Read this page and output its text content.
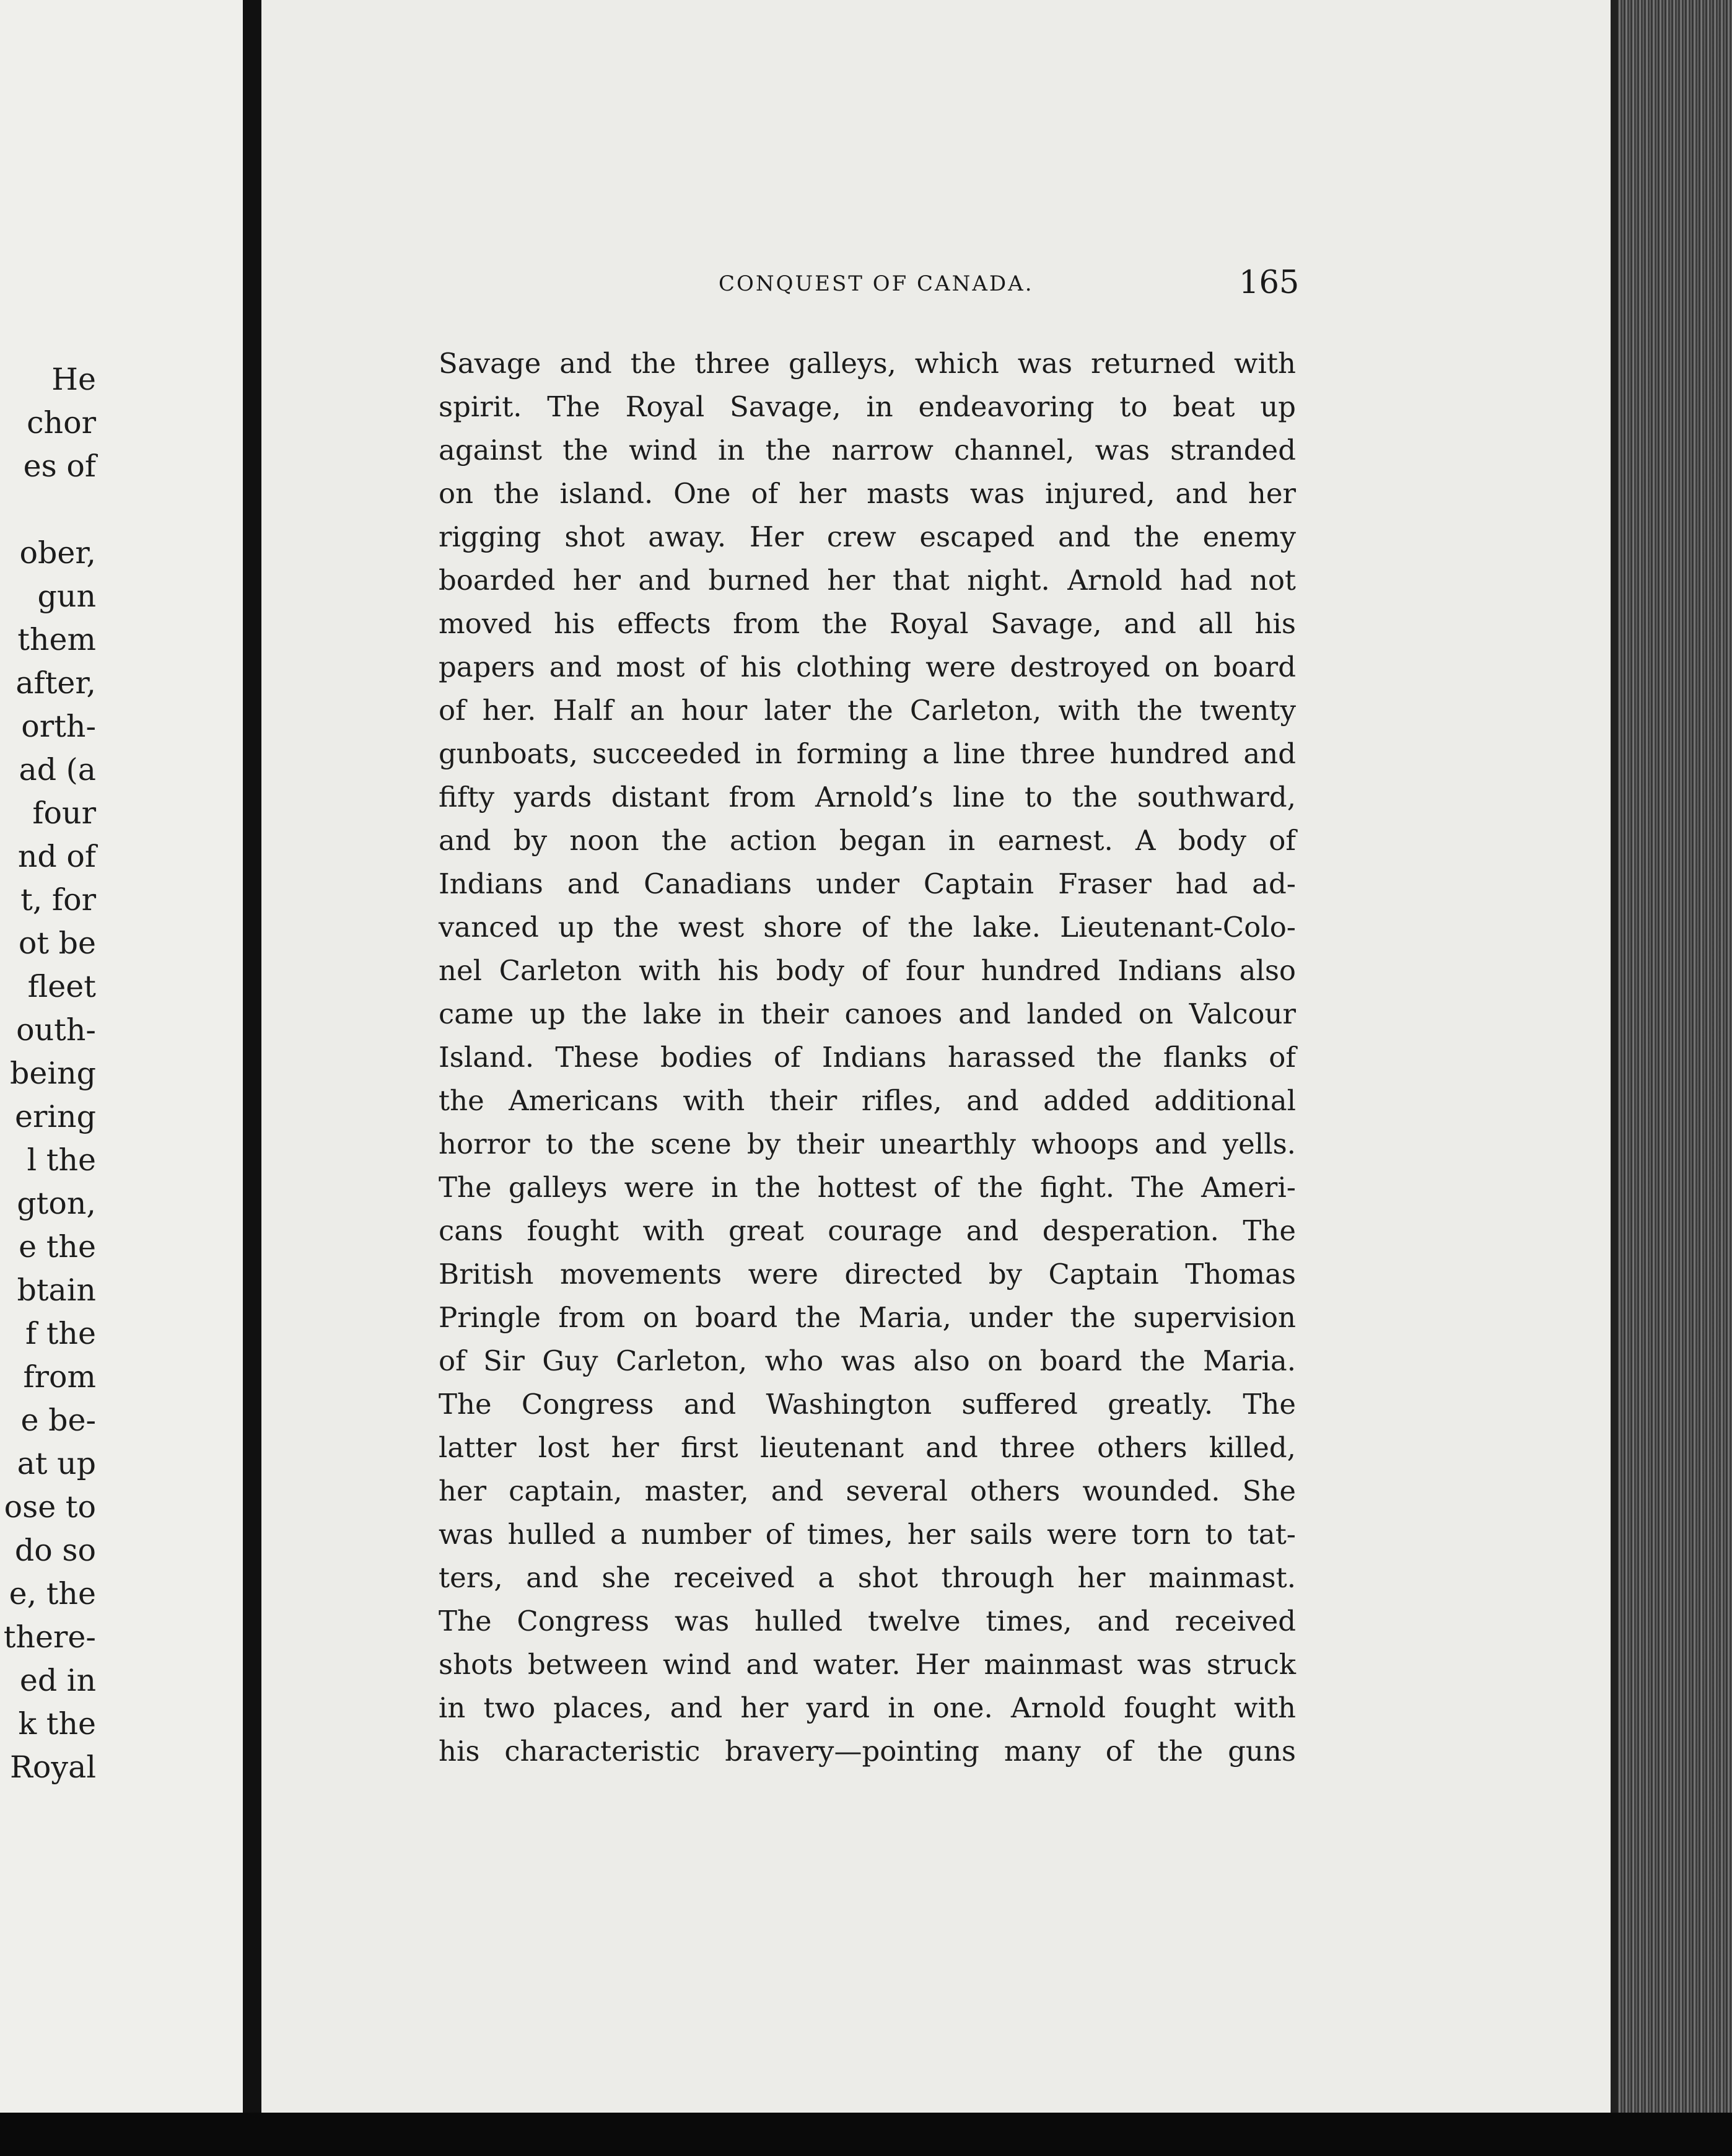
He
chor
es of
ober,
gun
them
after,
orth-
ad (a
four
nd of
t, for
ot be
fleet
outh-
being
ering
l the
gton,
e the
btain
f the
from
e be-
at up
ose to
do so
e, the
there-
ed in
k the
Royal
CONQUEST OF CANADA.	165
Savage and the three galleys, which was returned with
spirit. The Royal Savage, in endeavoring to beat up
against the wind in the narrow channel, was stranded
on the island. One of her masts was injured, and her
rigging shot away. Her crew escaped and the enemy
boarded her and burned her that night. Arnold had not
moved his effects from the Royal Savage, and all his
papers and most of his clothing were destroyed on board
of her. Half an hour later the Carleton, with the twenty
gunboats, succeeded in forming a line three hundred and
fifty yards distant from Arnold’s line to the southward,
and by noon the action began in earnest. A body of
Indians and Canadians under Captain Fraser had ad-
vanced up the west shore of the lake. Lieutenant-Colo-
nel Carleton with his body of four hundred Indians also
came up the lake in their canoes and landed on Valcour
Island. These bodies of Indians harassed the flanks of
the Americans with their rifles, and added additional
horror to the scene by their unearthly whoops and yells.
The galleys were in the hottest of the fight. The Ameri-
cans fought with great courage and desperation. The
British movements were directed by Captain Thomas
Pringle from on board the Maria, under the supervision
of Sir Guy Carleton, who was also on board the Maria.
The Congress and Washington suffered greatly. The
latter lost her first lieutenant and three others killed,
her captain, master, and several others wounded. She
was hulled a number of times, her sails were torn to tat-
ters, and she received a shot through her mainmast.
The Congress was hulled twelve times, and received
shots between wind and water. Her mainmast was struck
in two places, and her yard in one. Arnold fought with
his characteristic bravery—pointing many of the guns
